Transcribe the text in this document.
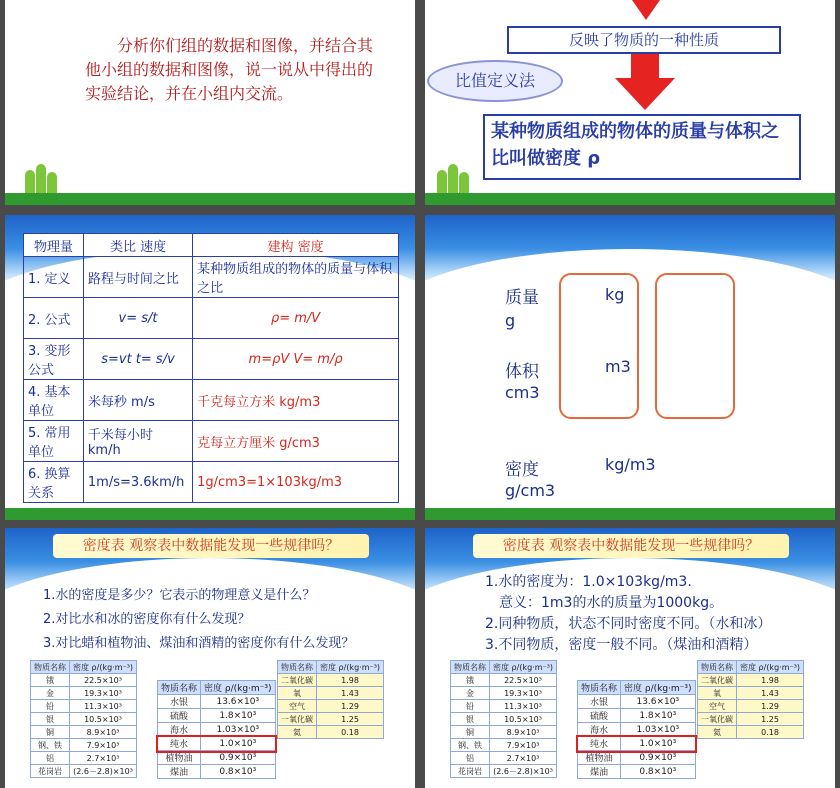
分析你们组的数据和图像，并结合其他小组的数据和图像，说一说从中得出的实验结论，并在小组内交流。
反映了物质的一种性质
比值定义法
某种物质组成的物体的质量与体积之比叫做密度 ρ
物理量	类比 速度	建构 密度
1. 定义	路程与时间之比	某种物质组成的物体的质量与体积之比
2. 公式	v= s/t	ρ= m/V
3. 变形公式	s=vt t= s/v	m=ρV V= m/ρ
4. 基本单位	米每秒 m/s	千克每立方米 kg/m3
5. 常用单位	千米每小时 km/h	克每立方厘米 g/cm3
6. 换算关系	1m/s=3.6km/h	1g/cm3=1×103kg/m3
质量	kg
g
体积	m3
cm3
密度	kg/m3
g/cm3
密度表 观察表中数据能发现一些规律吗？
1.水的密度是多少？它表示的物理意义是什么？
2.对比水和冰的密度你有什么发现？
3.对比蜡和植物油、煤油和酒精的密度你有什么发现？
物质名称	密度 ρ/(kg·m⁻³)
锇	22.5×10³
金	19.3×10³
铅	11.3×10³
银	10.5×10³
铜	8.9×10³
钢、铁	7.9×10³
铝	2.7×10³
花岗岩	(2.6－2.8)×10³
物质名称	密度 ρ/(kg·m⁻³)
水银	13.6×10³
硫酸	1.8×10³
海水	1.03×10³
纯水	1.0×10³
植物油	0.9×10³
煤油	0.8×10³
物质名称	密度 ρ/(kg·m⁻³)
二氧化碳	1.98
氧	1.43
空气	1.29
一氧化碳	1.25
氦	0.18
密度表 观察表中数据能发现一些规律吗？
1.水的密度为：1.0×103kg/m3.
意义：1m3的水的质量为1000kg。
2.同种物质，状态不同时密度不同。（水和冰）
3.不同物质，密度一般不同。（煤油和酒精）
物质名称	密度 ρ/(kg·m⁻³)
锇	22.5×10³
金	19.3×10³
铅	11.3×10³
银	10.5×10³
铜	8.9×10³
钢、铁	7.9×10³
铝	2.7×10³
花岗岩	(2.6－2.8)×10³
物质名称	密度 ρ/(kg·m⁻³)
水银	13.6×10³
硫酸	1.8×10³
海水	1.03×10³
纯水	1.0×10³
植物油	0.9×10³
煤油	0.8×10³
物质名称	密度 ρ/(kg·m⁻³)
二氧化碳	1.98
氧	1.43
空气	1.29
一氧化碳	1.25
氦	0.18
